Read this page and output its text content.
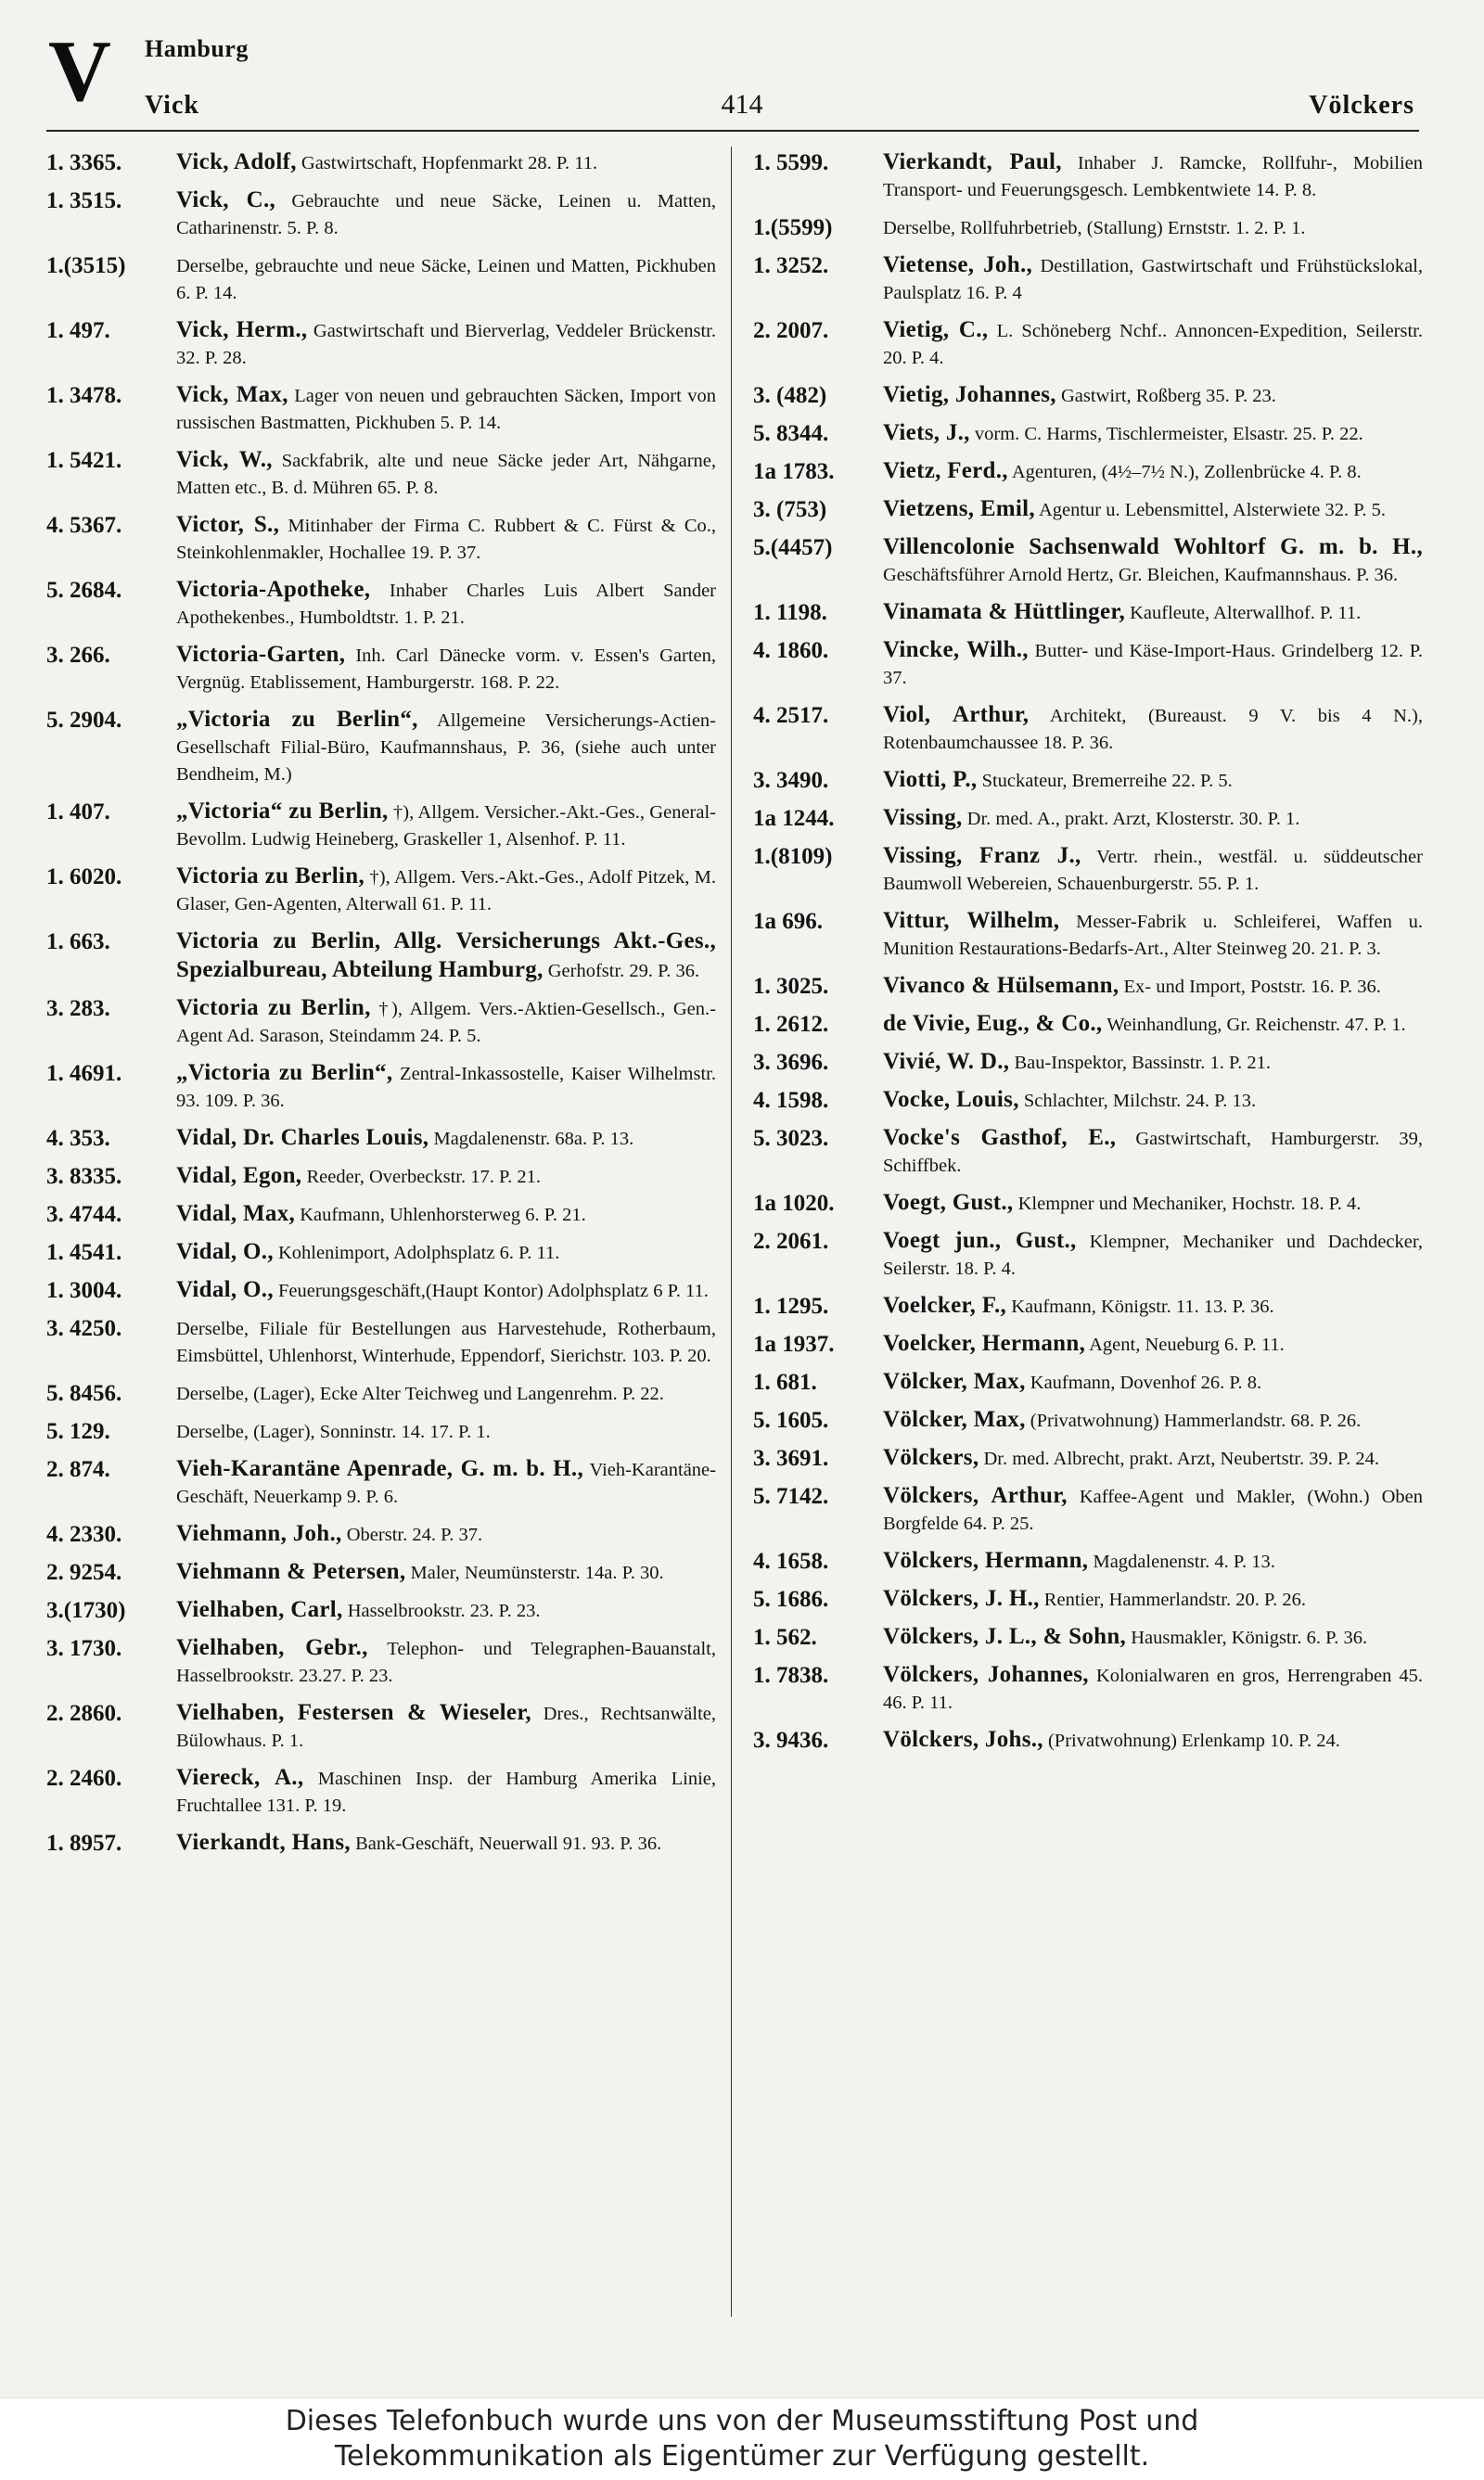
V Hamburg
Vick	414	Völckers
1. 3365.	Vick, Adolf, Gastwirtschaft, Hopfenmarkt 28. P. 11.
1. 3515.	Vick, C., Gebrauchte und neue Säcke, Leinen u. Matten, Catharinenstr. 5. P. 8.
1.(3515)	Derselbe, gebrauchte und neue Säcke, Leinen und Matten, Pickhuben 6. P. 14.
1. 497.	Vick, Herm., Gastwirtschaft und Bierverlag, Veddeler Brückenstr. 32. P. 28.
1. 3478.	Vick, Max, Lager von neuen und gebrauchten Säcken, Import von russischen Bastmatten, Pickhuben 5. P. 14.
1. 5421.	Vick, W., Sackfabrik, alte und neue Säcke jeder Art, Nähgarne, Matten etc., B. d. Mühren 65. P. 8.
4. 5367.	Victor, S., Mitinhaber der Firma C. Rubbert & C. Fürst & Co., Steinkohlenmakler, Hochallee 19. P. 37.
5. 2684.	Victoria-Apotheke, Inhaber Charles Luis Albert Sander Apothekenbes., Humboldtstr. 1. P. 21.
3. 266.	Victoria-Garten, Inh. Carl Dänecke vorm. v. Essen's Garten, Vergnüg. Etablissement, Hamburgerstr. 168. P. 22.
5. 2904.	„Victoria zu Berlin“, Allgemeine Versicherungs-Actien-Gesellschaft Filial-Büro, Kaufmannshaus, P. 36, (siehe auch unter Bendheim, M.)
1. 407.	„Victoria“ zu Berlin, †), Allgem. Versicher.-Akt.-Ges., General-Bevollm. Ludwig Heineberg, Graskeller 1, Alsenhof. P. 11.
1. 6020.	Victoria zu Berlin, †), Allgem. Vers.-Akt.-Ges., Adolf Pitzek, M. Glaser, Gen-Agenten, Alterwall 61. P. 11.
1. 663.	Victoria zu Berlin, Allg. Versicherungs Akt.-Ges., Spezialbureau, Abteilung Hamburg, Gerhofstr. 29. P. 36.
3. 283.	Victoria zu Berlin, †), Allgem. Vers.-Aktien-Gesellsch., Gen.-Agent Ad. Sarason, Steindamm 24. P. 5.
1. 4691.	„Victoria zu Berlin“, Zentral-Inkassostelle, Kaiser Wilhelmstr. 93. 109. P. 36.
4. 353.	Vidal, Dr. Charles Louis, Magdalenenstr. 68a. P. 13.
3. 8335.	Vidal, Egon, Reeder, Overbeckstr. 17. P. 21.
3. 4744.	Vidal, Max, Kaufmann, Uhlenhorsterweg 6. P. 21.
1. 4541.	Vidal, O., Kohlenimport, Adolphsplatz 6. P. 11.
1. 3004.	Vidal, O., Feuerungsgeschäft,(Haupt Kontor) Adolphsplatz 6 P. 11.
3. 4250.	Derselbe, Filiale für Bestellungen aus Harvestehude, Rotherbaum, Eimsbüttel, Uhlenhorst, Winterhude, Eppendorf, Sierichstr. 103. P. 20.
5. 8456.	Derselbe, (Lager), Ecke Alter Teichweg und Langenrehm. P. 22.
5. 129.	Derselbe, (Lager), Sonninstr. 14. 17. P. 1.
2. 874.	Vieh-Karantäne Apenrade, G. m. b. H., Vieh-Karantäne-Geschäft, Neuerkamp 9. P. 6.
4. 2330.	Viehmann, Joh., Oberstr. 24. P. 37.
2. 9254.	Viehmann & Petersen, Maler, Neumünsterstr. 14a. P. 30.
3.(1730)	Vielhaben, Carl, Hasselbrookstr. 23. P. 23.
3. 1730.	Vielhaben, Gebr., Telephon- und Telegraphen-Bauanstalt, Hasselbrookstr. 23.27. P. 23.
2. 2860.	Vielhaben, Festersen & Wieseler, Dres., Rechtsanwälte, Bülowhaus. P. 1.
2. 2460.	Viereck, A., Maschinen Insp. der Hamburg Amerika Linie, Fruchtallee 131. P. 19.
1. 8957.	Vierkandt, Hans, Bank-Geschäft, Neuerwall 91. 93. P. 36.
1. 5599.	Vierkandt, Paul, Inhaber J. Ramcke, Rollfuhr-, Mobilien Transport- und Feuerungsgesch. Lembkentwiete 14. P. 8.
1.(5599)	Derselbe, Rollfuhrbetrieb, (Stallung) Ernststr. 1. 2. P. 1.
1. 3252.	Vietense, Joh., Destillation, Gastwirtschaft und Frühstückslokal, Paulsplatz 16. P. 4
2. 2007.	Vietig, C., L. Schöneberg Nchf.. Annoncen-Expedition, Seilerstr. 20. P. 4.
3. (482)	Vietig, Johannes, Gastwirt, Roßberg 35. P. 23.
5. 8344.	Viets, J., vorm. C. Harms, Tischlermeister, Elsastr. 25. P. 22.
1a 1783.	Vietz, Ferd., Agenturen, (4½–7½ N.), Zollenbrücke 4. P. 8.
3. (753)	Vietzens, Emil, Agentur u. Lebensmittel, Alsterwiete 32. P. 5.
5.(4457)	Villencolonie Sachsenwald Wohltorf G. m. b. H., Geschäftsführer Arnold Hertz, Gr. Bleichen, Kaufmannshaus. P. 36.
1. 1198.	Vinamata & Hüttlinger, Kaufleute, Alterwallhof. P. 11.
4. 1860.	Vincke, Wilh., Butter- und Käse-Import-Haus. Grindelberg 12. P. 37.
4. 2517.	Viol, Arthur, Architekt, (Bureaust. 9 V. bis 4 N.), Rotenbaumchaussee 18. P. 36.
3. 3490.	Viotti, P., Stuckateur, Bremerreihe 22. P. 5.
1a 1244.	Vissing, Dr. med. A., prakt. Arzt, Klosterstr. 30. P. 1.
1.(8109)	Vissing, Franz J., Vertr. rhein., westfäl. u. süddeutscher Baumwoll Webereien, Schauenburgerstr. 55. P. 1.
1a 696.	Vittur, Wilhelm, Messer-Fabrik u. Schleiferei, Waffen u. Munition Restaurations-Bedarfs-Art., Alter Steinweg 20. 21. P. 3.
1. 3025.	Vivanco & Hülsemann, Ex- und Import, Poststr. 16. P. 36.
1. 2612.	de Vivie, Eug., & Co., Weinhandlung, Gr. Reichenstr. 47. P. 1.
3. 3696.	Vivié, W. D., Bau-Inspektor, Bassinstr. 1. P. 21.
4. 1598.	Vocke, Louis, Schlachter, Milchstr. 24. P. 13.
5. 3023.	Vocke's Gasthof, E., Gastwirtschaft, Hamburgerstr. 39, Schiffbek.
1a 1020.	Voegt, Gust., Klempner und Mechaniker, Hochstr. 18. P. 4.
2. 2061.	Voegt jun., Gust., Klempner, Mechaniker und Dachdecker, Seilerstr. 18. P. 4.
1. 1295.	Voelcker, F., Kaufmann, Königstr. 11. 13. P. 36.
1a 1937.	Voelcker, Hermann, Agent, Neueburg 6. P. 11.
1. 681.	Völcker, Max, Kaufmann, Dovenhof 26. P. 8.
5. 1605.	Völcker, Max, (Privatwohnung) Hammerlandstr. 68. P. 26.
3. 3691.	Völckers, Dr. med. Albrecht, prakt. Arzt, Neubertstr. 39. P. 24.
5. 7142.	Völckers, Arthur, Kaffee-Agent und Makler, (Wohn.) Oben Borgfelde 64. P. 25.
4. 1658.	Völckers, Hermann, Magdalenenstr. 4. P. 13.
5. 1686.	Völckers, J. H., Rentier, Hammerlandstr. 20. P. 26.
1. 562.	Völckers, J. L., & Sohn, Hausmakler, Königstr. 6. P. 36.
1. 7838.	Völckers, Johannes, Kolonialwaren en gros, Herrengraben 45. 46. P. 11.
3. 9436.	Völckers, Johs., (Privatwohnung) Erlenkamp 10. P. 24.

Dieses Telefonbuch wurde uns von der Museumsstiftung Post und

Telekommunikation als Eigentümer zur Verfügung gestellt.
